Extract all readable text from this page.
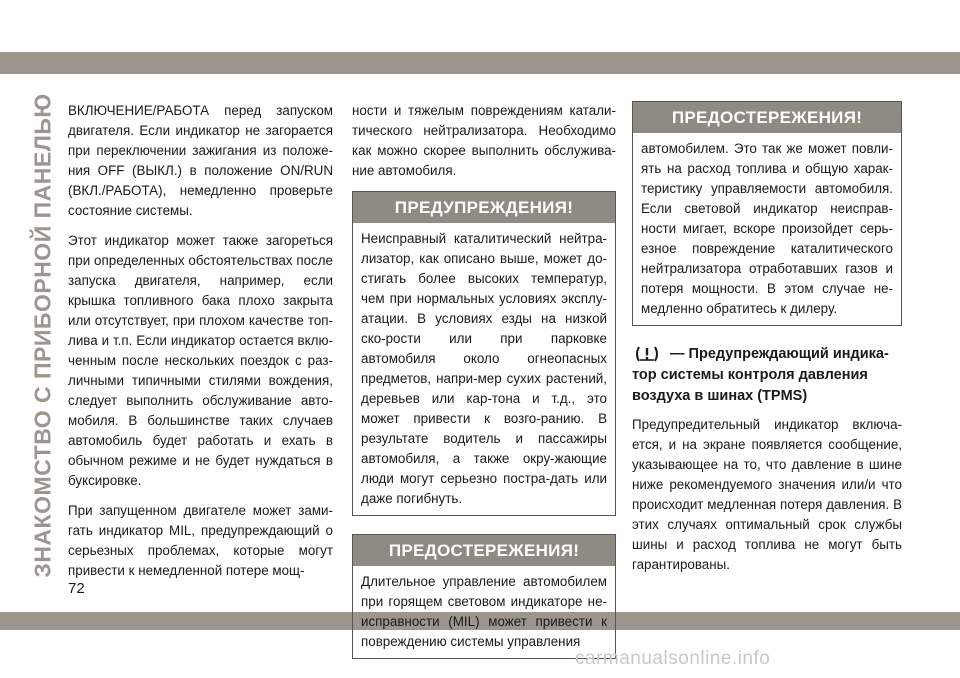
ЗНАКОМСТВО С ПРИБОРНОЙ ПАНЕЛЬЮ
72

ВКЛЮЧЕНИЕ/РАБОТА перед запуском двигателя. Если индикатор не загорается при переключении зажигания из положе-ния OFF (ВЫКЛ.) в положение ON/RUN (ВКЛ./РАБОТА), немедленно проверьте состояние системы.

Этот индикатор может также загореться при определенных обстоятельствах после запуска двигателя, например, если крышка топливного бака плохо закрыта или отсутствует, при плохом качестве топ-лива и т.п. Если индикатор остается вклю-ченным после нескольких поездок с раз-личными типичными стилями вождения, следует выполнить обслуживание авто-мобиля. В большинстве таких случаев автомобиль будет работать и ехать в обычном режиме и не будет нуждаться в буксировке.

При запущенном двигателе может зами-гать индикатор MIL, предупреждающий о серьезных проблемах, которые могут привести к немедленной потере мощ-

ности и тяжелым повреждениям катали-тического нейтрализатора. Необходимо как можно скорее выполнить обслужива-ние автомобиля.

ПРЕДУПРЕЖДЕНИЯ!
Неисправный каталитический нейтра-лизатор, как описано выше, может до-стигать более высоких температур, чем при нормальных условиях эксплу-атации. В условиях езды на низкой ско-рости или при парковке автомобиля около огнеопасных предметов, напри-мер сухих растений, деревьев или кар-тона и т.д., это может привести к возго-ранию. В результате водитель и пассажиры автомобиля, а также окру-жающие люди могут серьезно постра-дать или даже погибнуть.
ПРЕДОСТЕРЕЖЕНИЯ!
Длительное управление автомобилем при горящем световом индикаторе не-исправности (MIL) может привести к повреждению системы управления
ПРЕДОСТЕРЕЖЕНИЯ!
автомобилем. Это так же может повли-ять на расход топлива и общую харак-теристику управляемости автомобиля. Если световой индикатор неисправ-ности мигает, вскоре произойдет серь-езное повреждение каталитического нейтрализатора отработавших газов и потеря мощности. В этом случае не-медленно обратитесь к дилеру.
— Предупреждающий индика-тор системы контроля давления воздуха в шинах (TPMS)

Предупредительный индикатор включа-ется, и на экране появляется сообщение, указывающее на то, что давление в шине ниже рекомендуемого значения или/и что происходит медленная потеря давления. В этих случаях оптимальный срок службы шины и расход топлива не могут быть гарантированы.

carmanualsonline.info
